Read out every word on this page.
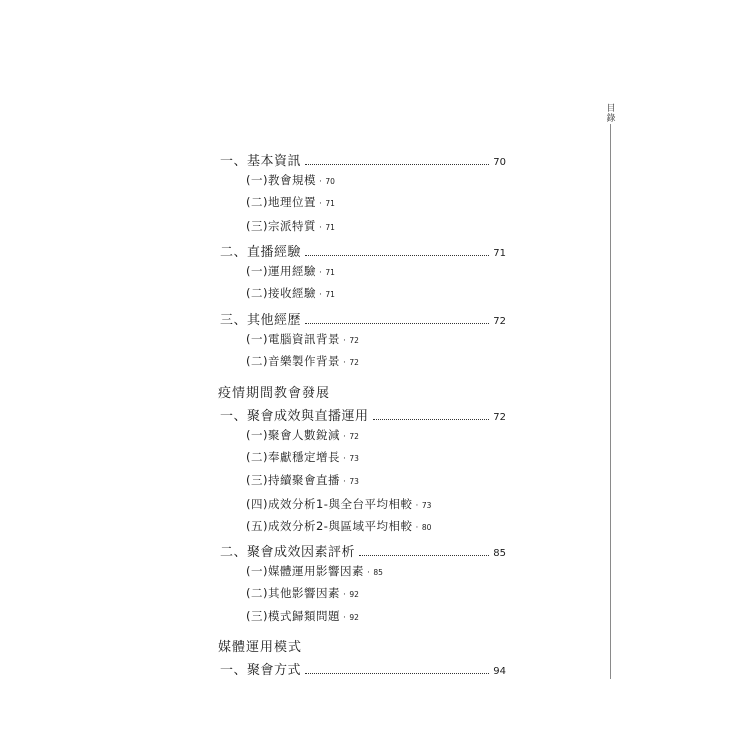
目錄
一、基本資訊	70
(一)教會規模 ‧ 70
(二)地理位置 ‧ 71
(三)宗派特質 ‧ 71
二、直播經驗	71
(一)運用經驗 ‧ 71
(二)接收經驗 ‧ 71
三、其他經歷	72
(一)電腦資訊背景 ‧ 72
(二)音樂製作背景 ‧ 72
疫情期間教會發展
一、聚會成效與直播運用	72
(一)聚會人數銳減 ‧ 72
(二)奉獻穩定增長 ‧ 73
(三)持續聚會直播 ‧ 73
(四)成效分析1-與全台平均相較 ‧ 73
(五)成效分析2-與區域平均相較 ‧ 80
二、聚會成效因素評析	85
(一)媒體運用影響因素 ‧ 85
(二)其他影響因素 ‧ 92
(三)模式歸類問題 ‧ 92
媒體運用模式
一、聚會方式	94
